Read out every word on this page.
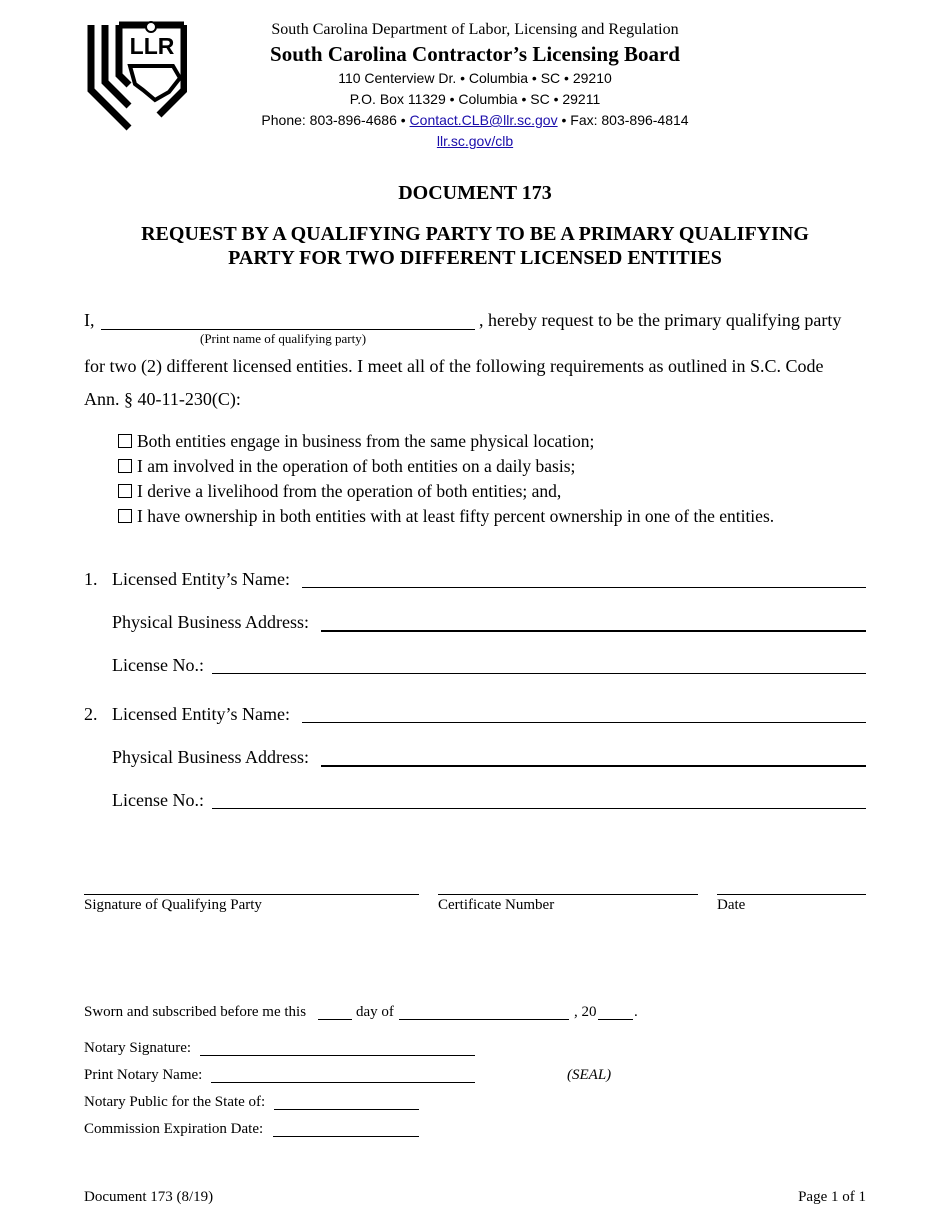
LLR
South Carolina Department of Labor, Licensing and Regulation
South Carolina Contractor’s Licensing Board
110 Centerview Dr. • Columbia • SC • 29210
P.O. Box 11329 • Columbia • SC • 29211
Phone: 803-896-4686 • Contact.CLB@llr.sc.gov • Fax: 803-896-4814
llr.sc.gov/clb
DOCUMENT 173
REQUEST BY A QUALIFYING PARTY TO BE A PRIMARY QUALIFYING
PARTY FOR TWO DIFFERENT LICENSED ENTITIES
I,	, hereby request to be the primary qualifying party
(Print name of qualifying party)
for two (2) different licensed entities. I meet all of the following requirements as outlined in S.C. Code
Ann. § 40-11-230(C):
Both entities engage in business from the same physical location;
I am involved in the operation of both entities on a daily basis;
I derive a livelihood from the operation of both entities; and,
I have ownership in both entities with at least fifty percent ownership in one of the entities.
1. Licensed Entity’s Name:
Physical Business Address:
License No.:
2. Licensed Entity’s Name:
Physical Business Address:
License No.:
Signature of Qualifying Party	Certificate Number	Date
Sworn and subscribed before me this	day of	, 20	.
Notary Signature:
Print Notary Name:	(SEAL)
Notary Public for the State of:
Commission Expiration Date:
Document 173 (8/19)	Page 1 of 1
